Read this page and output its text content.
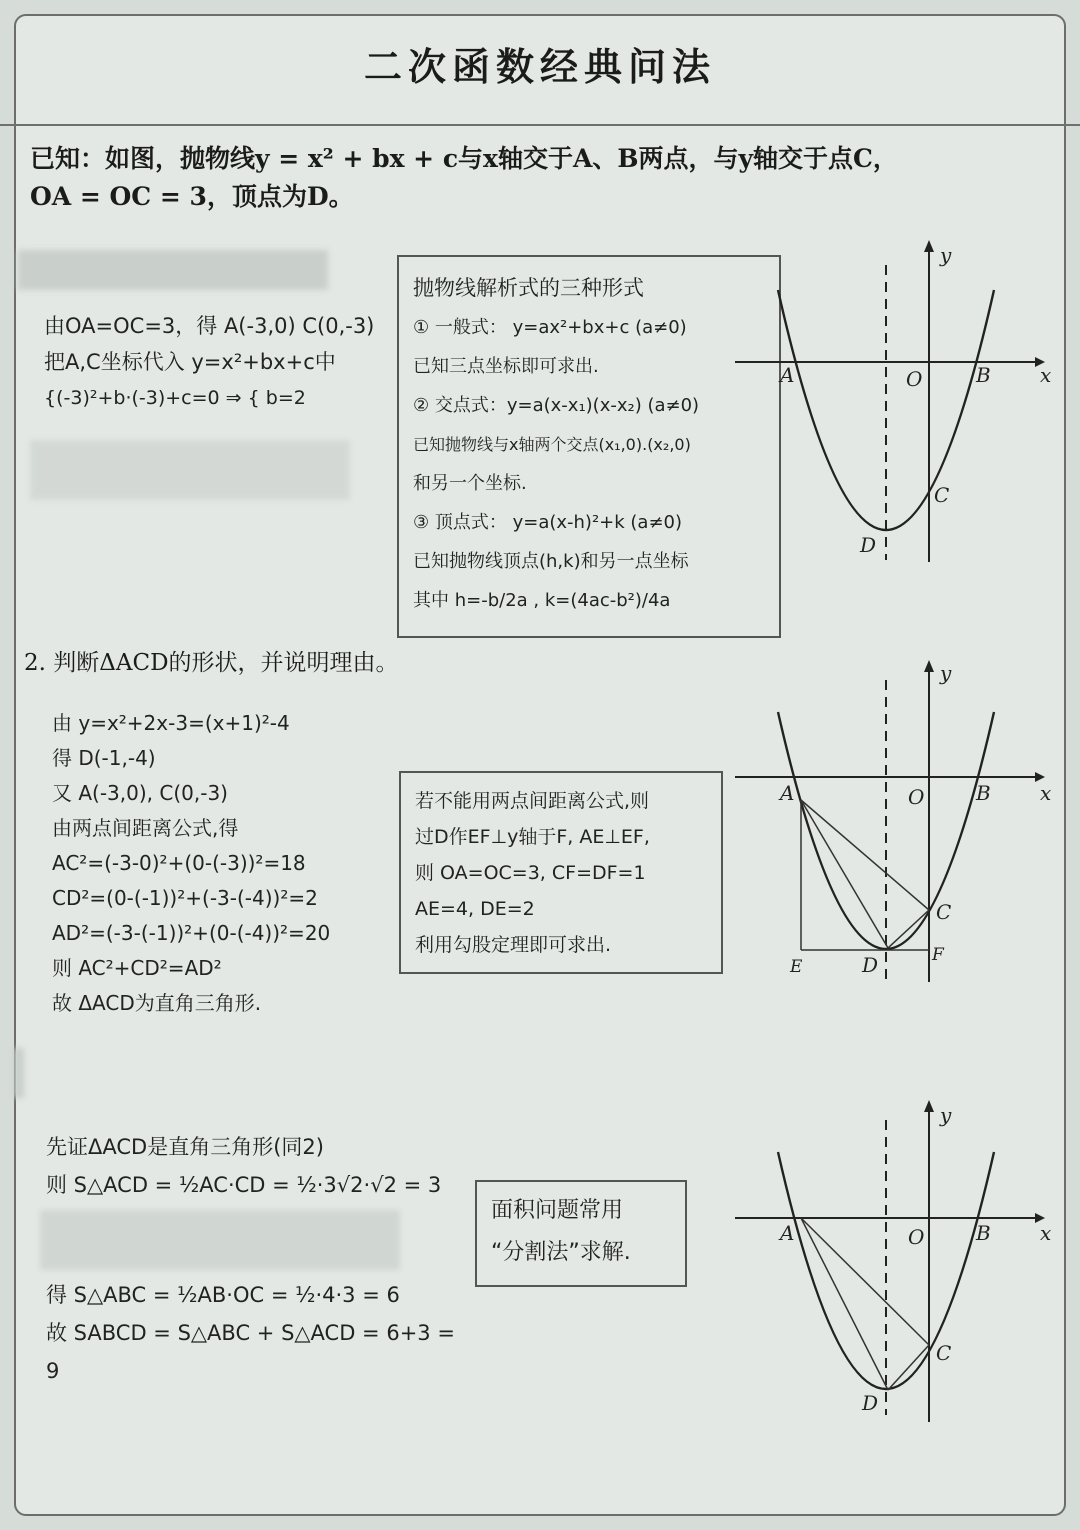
二次函数经典问法
已知：如图，抛物线y = x² + bx + c与x轴交于A、B两点，与y轴交于点C，
OA = OC = 3，顶点为D。
由OA=OC=3，得 A(-3,0) C(0,-3)
把A,C坐标代入 y=x²+bx+c中
{(-3)²+b·(-3)+c=0 ⇒ { b=2
抛物线解析式的三种形式
① 一般式： y=ax²+bx+c (a≠0)
已知三点坐标即可求出.
② 交点式：y=a(x-x₁)(x-x₂) (a≠0)
已知抛物线与x轴两个交点(x₁,0).(x₂,0)
和另一个坐标.
③ 顶点式： y=a(x-h)²+k (a≠0)
已知抛物线顶点(h,k)和另一点坐标
其中 h=-b/2a , k=(4ac-b²)/4a
y
x
A	B
O
C
D
2. 判断ΔACD的形状，并说明理由。
由 y=x²+2x-3=(x+1)²-4
得 D(-1,-4)
又 A(-3,0), C(0,-3)
由两点间距离公式,得
AC²=(-3-0)²+(0-(-3))²=18
CD²=(0-(-1))²+(-3-(-4))²=2
AD²=(-3-(-1))²+(0-(-4))²=20
则 AC²+CD²=AD²
故 ΔACD为直角三角形.
若不能用两点间距离公式,则
过D作EF⊥y轴于F, AE⊥EF,
则 OA=OC=3, CF=DF=1
AE=4, DE=2
利用勾股定理即可求出.
y
x
A	B
O
C
D
E
F
先证ΔACD是直角三角形(同2)
则 S△ACD = ½AC·CD = ½·3√2·√2 = 3
得 S△ABC = ½AB·OC = ½·4·3 = 6
故 SABCD = S△ABC + S△ACD = 6+3 = 9
面积问题常用
“分割法”求解.
y
x
A	B
O
C
D
